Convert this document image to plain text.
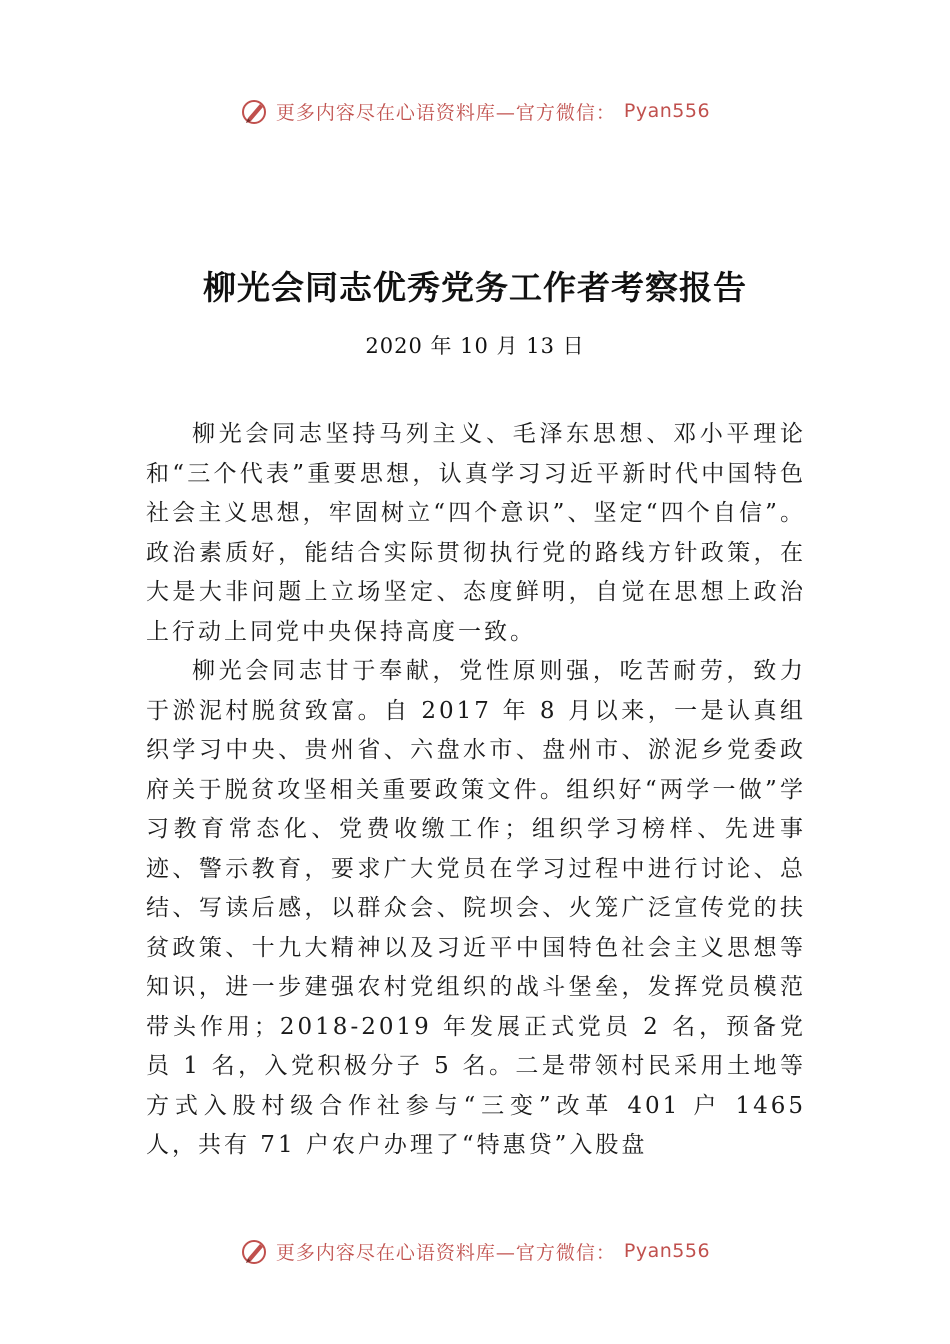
更多内容尽在心语资料库—官方微信： Pyan556
柳光会同志优秀党务工作者考察报告
2020 年 10 月 13 日

柳光会同志坚持马列主义、毛泽东思想、邓小平理论和“三个代表”重要思想，认真学习习近平新时代中国特色社会主义思想，牢固树立“四个意识”、坚定“四个自信”。政治素质好，能结合实际贯彻执行党的路线方针政策，在大是大非问题上立场坚定、态度鲜明，自觉在思想上政治上行动上同党中央保持高度一致。

柳光会同志甘于奉献，党性原则强，吃苦耐劳，致力于淤泥村脱贫致富。自 2017 年 8 月以来，一是认真组织学习中央、贵州省、六盘水市、盘州市、淤泥乡党委政府关于脱贫攻坚相关重要政策文件。组织好“两学一做”学习教育常态化、党费收缴工作；组织学习榜样、先进事迹、警示教育，要求广大党员在学习过程中进行讨论、总结、写读后感，以群众会、院坝会、火笼广泛宣传党的扶贫政策、十九大精神以及习近平中国特色社会主义思想等知识，进一步建强农村党组织的战斗堡垒，发挥党员模范带头作用；2018-2019 年发展正式党员 2 名，预备党员 1 名，入党积极分子 5 名。二是带领村民采用土地等方式入股村级合作社参与“三变”改革 401 户 1465 人，共有 71 户农户办理了“特惠贷”入股盘

更多内容尽在心语资料库—官方微信： Pyan556
